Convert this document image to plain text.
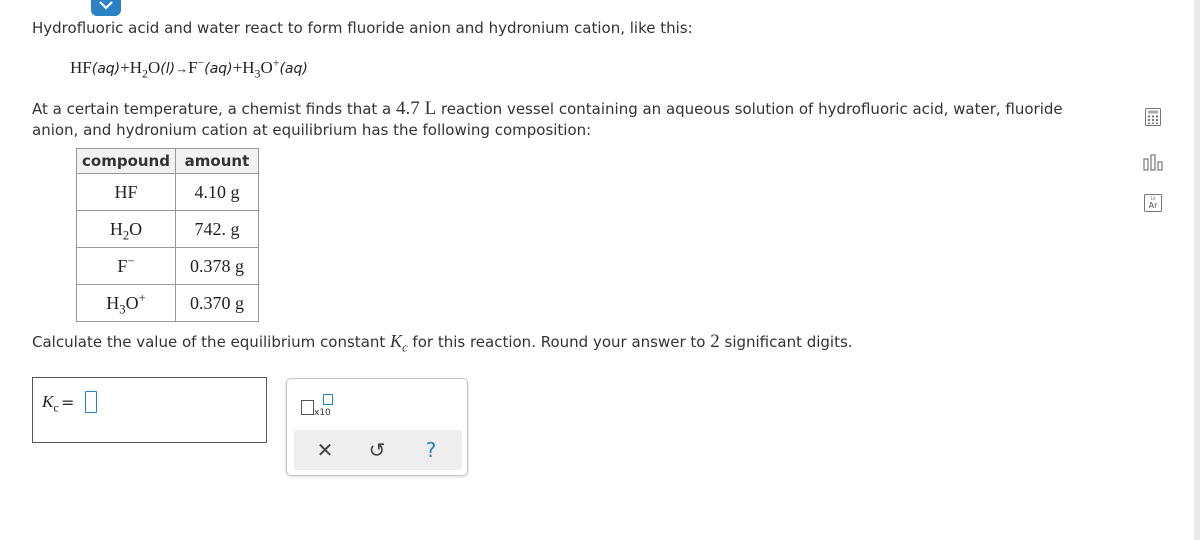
Hydrofluoric acid and water react to form fluoride anion and hydronium cation, like this:
$HF(aq)+H_2O(l)\to F^-(aq)+H_3O^+(aq)$
At a certain temperature, a chemist finds that a 4.7 L reaction vessel containing an aqueous solution of hydrofluoric acid, water, fluoride anion, and hydronium cation at equilibrium has the following composition:
compound	amount
HF	4.10 g
$H_2O$	742. g
F−	0.378 g
$H_3O^+$	0.370 g
Calculate the value of the equilibrium constant $K_c$ for this reaction. Round your answer to 2 significant digits.
$K_c$ =
x10
✕ ↺ ?
Ar
18
